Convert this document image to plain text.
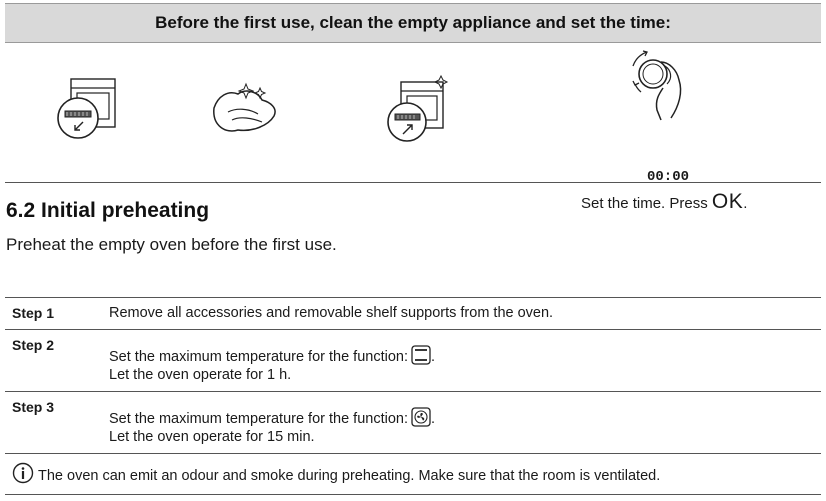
Before the first use, clean the empty appliance and set the time:
00:00
Set the time. Press OK.
6.2 Initial preheating
Preheat the empty oven before the first use.
Step 1	Remove all accessories and removable shelf supports from the oven.
Step 2
Set the maximum temperature for the function: .
Let the oven operate for 1 h.
Step 3
Set the maximum temperature for the function: .
Let the oven operate for 15 min.
The oven can emit an odour and smoke during preheating. Make sure that the room is ventilated.
